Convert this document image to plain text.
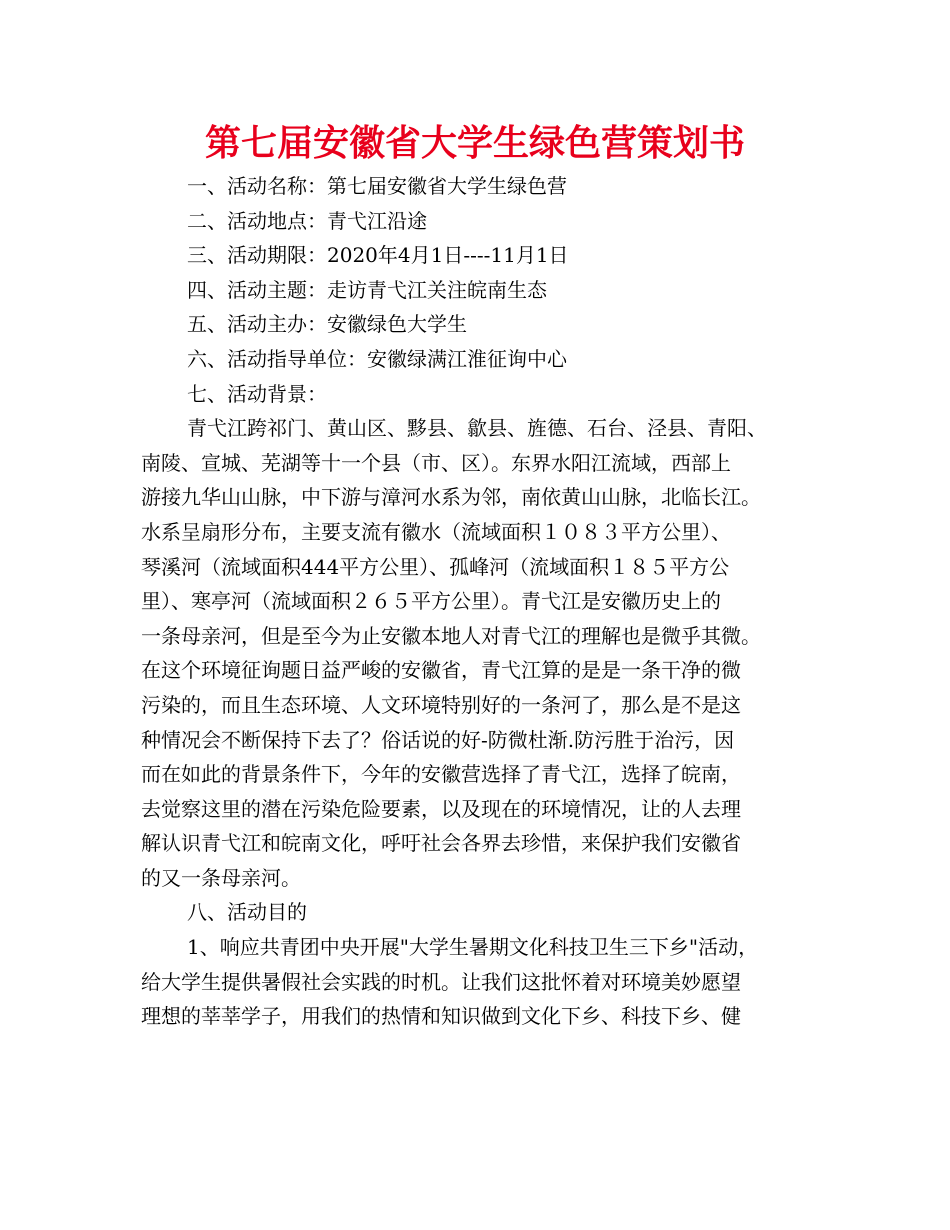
第七届安徽省大学生绿色营策划书
一、活动名称：第七届安徽省大学生绿色营
二、活动地点：青弋江沿途
三、活动期限：2020年4月1日----11月1日
四、活动主题：走访青弋江关注皖南生态
五、活动主办：安徽绿色大学生
六、活动指导单位：安徽绿满江淮征询中心
七、活动背景：
青弋江跨祁门、黄山区、黟县、歙县、旌德、石台、泾县、青阳、
南陵、宣城、芜湖等十一个县（市、区）。东界水阳江流域，西部上
游接九华山山脉，中下游与漳河水系为邻，南依黄山山脉，北临长江。
水系呈扇形分布，主要支流有徽水（流域面积１０８３平方公里）、
琴溪河（流域面积444平方公里）、孤峰河（流域面积１８５平方公
里）、寒亭河（流域面积２６５平方公里）。青弋江是安徽历史上的
一条母亲河，但是至今为止安徽本地人对青弋江的理解也是微乎其微。
在这个环境征询题日益严峻的安徽省，青弋江算的是是一条干净的微
污染的，而且生态环境、人文环境特别好的一条河了，那么是不是这
种情况会不断保持下去了？俗话说的好-防微杜渐.防污胜于治污，因
而在如此的背景条件下，今年的安徽营选择了青弋江，选择了皖南，
去觉察这里的潜在污染危险要素，以及现在的环境情况，让的人去理
解认识青弋江和皖南文化，呼吁社会各界去珍惜，来保护我们安徽省
的又一条母亲河。
八、活动目的
1、响应共青团中央开展"大学生暑期文化科技卫生三下乡"活动，
给大学生提供暑假社会实践的时机。让我们这批怀着对环境美妙愿望
理想的莘莘学子，用我们的热情和知识做到文化下乡、科技下乡、健
